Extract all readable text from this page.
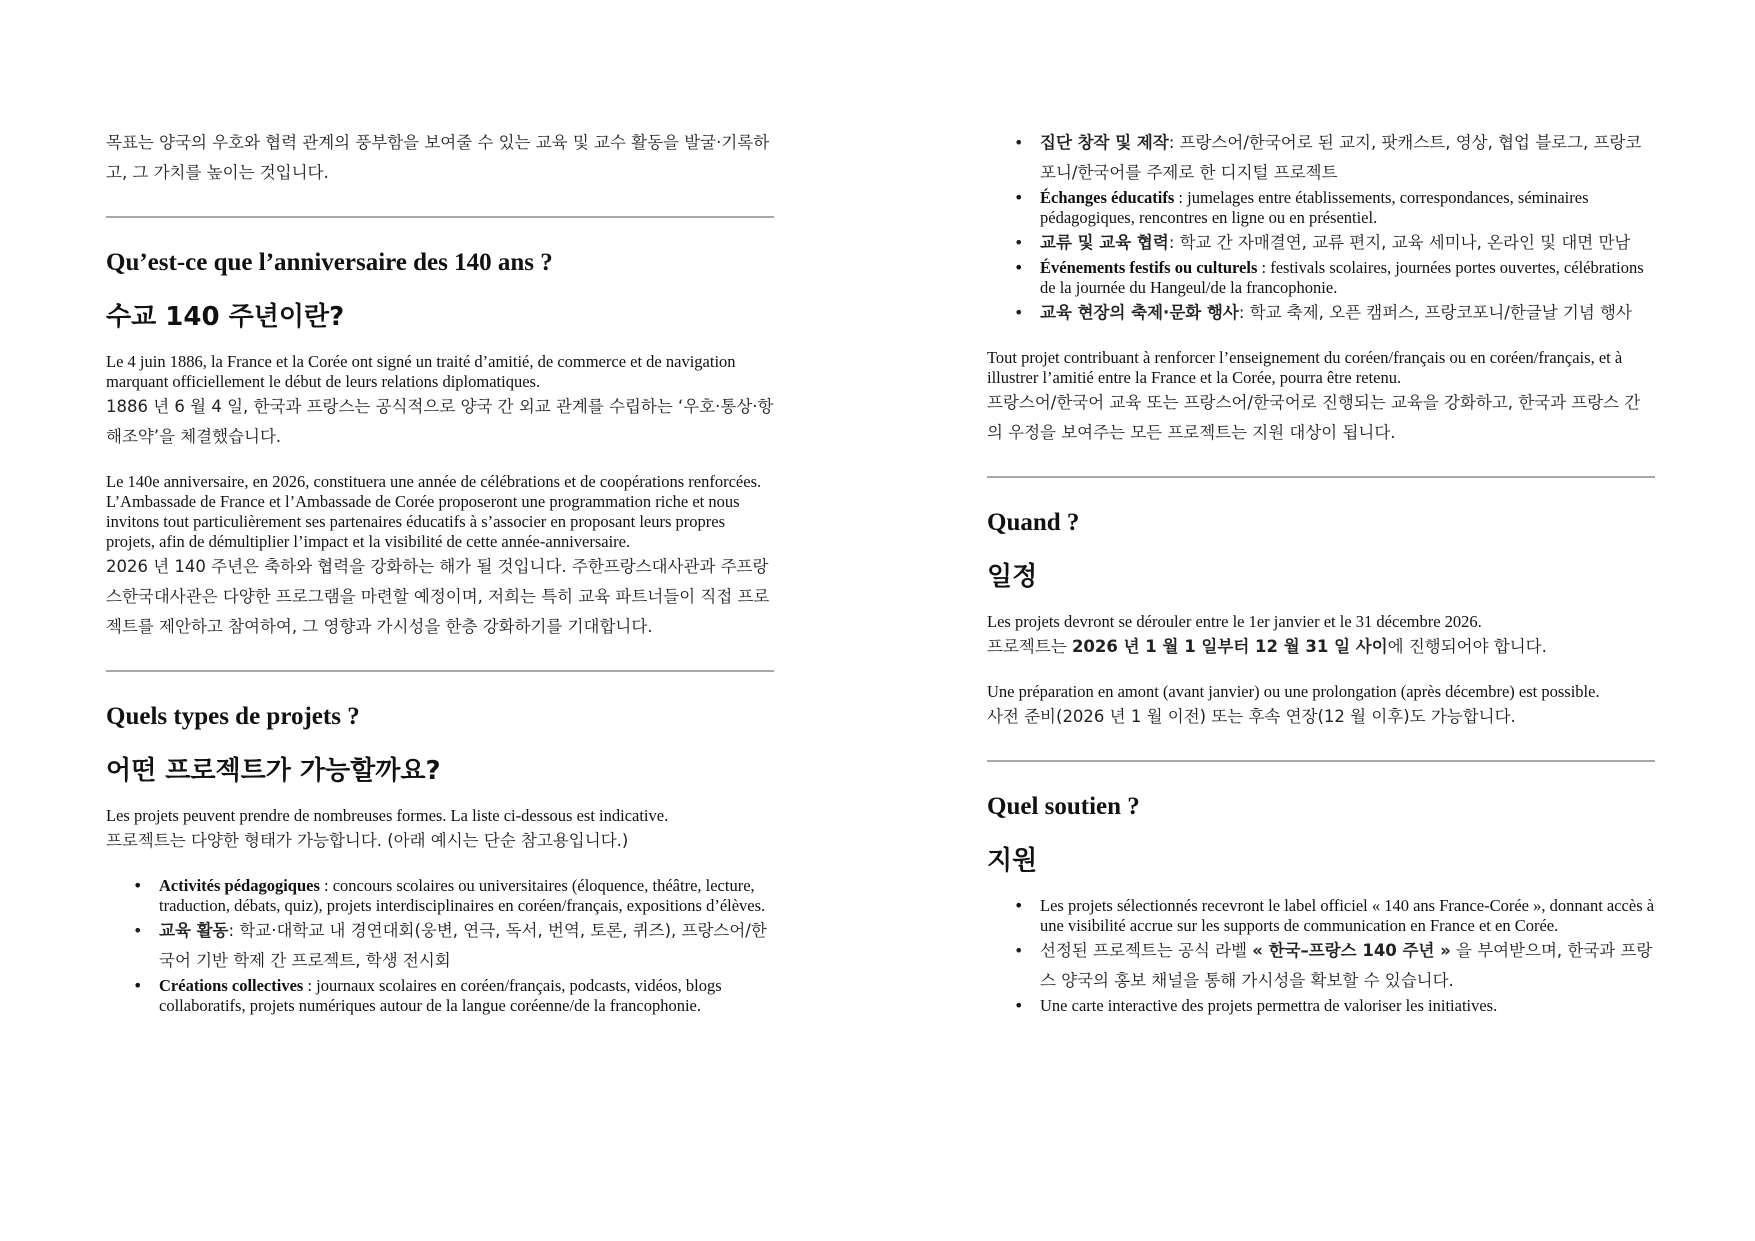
목표는 양국의 우호와 협력 관계의 풍부함을 보여줄 수 있는 교육 및 교수 활동을 발굴·기록하고, 그 가치를 높이는 것입니다.

Qu’est-ce que l’anniversaire des 140 ans ?
수교 140 주년이란?

Le 4 juin 1886, la France et la Corée ont signé un traité d’amitié, de commerce et de navigation marquant officiellement le début de leurs relations diplomatiques.

1886 년 6 월 4 일, 한국과 프랑스는 공식적으로 양국 간 외교 관계를 수립하는 ‘우호·통상·항해조약’을 체결했습니다.

Le 140e anniversaire, en 2026, constituera une année de célébrations et de coopérations renforcées. L’Ambassade de France et l’Ambassade de Corée proposeront une programmation riche et nous invitons tout particulièrement ses partenaires éducatifs à s’associer en proposant leurs propres projets, afin de démultiplier l’impact et la visibilité de cette année-anniversaire.

2026 년 140 주년은 축하와 협력을 강화하는 해가 될 것입니다. 주한프랑스대사관과 주프랑스한국대사관은 다양한 프로그램을 마련할 예정이며, 저희는 특히 교육 파트너들이 직접 프로젝트를 제안하고 참여하여, 그 영향과 가시성을 한층 강화하기를 기대합니다.

Quels types de projets ?
어떤 프로젝트가 가능할까요?

Les projets peuvent prendre de nombreuses formes. La liste ci-dessous est indicative.

프로젝트는 다양한 형태가 가능합니다. (아래 예시는 단순 참고용입니다.)

• Activités pédagogiques : concours scolaires ou universitaires (éloquence, théâtre, lecture, traduction, débats, quiz), projets interdisciplinaires en coréen/français, expositions d’élèves.
• 교육 활동: 학교·대학교 내 경연대회(웅변, 연극, 독서, 번역, 토론, 퀴즈), 프랑스어/한국어 기반 학제 간 프로젝트, 학생 전시회
• Créations collectives : journaux scolaires en coréen/français, podcasts, vidéos, blogs collaboratifs, projets numériques autour de la langue coréenne/de la francophonie.
• 집단 창작 및 제작: 프랑스어/한국어로 된 교지, 팟캐스트, 영상, 협업 블로그, 프랑코포니/한국어를 주제로 한 디지털 프로젝트
• Échanges éducatifs : jumelages entre établissements, correspondances, séminaires pédagogiques, rencontres en ligne ou en présentiel.
• 교류 및 교육 협력: 학교 간 자매결연, 교류 편지, 교육 세미나, 온라인 및 대면 만남
• Événements festifs ou culturels : festivals scolaires, journées portes ouvertes, célébrations de la journée du Hangeul/de la francophonie.
• 교육 현장의 축제·문화 행사: 학교 축제, 오픈 캠퍼스, 프랑코포니/한글날 기념 행사

Tout projet contribuant à renforcer l’enseignement du coréen/français ou en coréen/français, et à illustrer l’amitié entre la France et la Corée, pourra être retenu.

프랑스어/한국어 교육 또는 프랑스어/한국어로 진행되는 교육을 강화하고, 한국과 프랑스 간의 우정을 보여주는 모든 프로젝트는 지원 대상이 됩니다.

Quand ?
일정

Les projets devront se dérouler entre le 1er janvier et le 31 décembre 2026.

프로젝트는 2026 년 1 월 1 일부터 12 월 31 일 사이에 진행되어야 합니다.

Une préparation en amont (avant janvier) ou une prolongation (après décembre) est possible.

사전 준비(2026 년 1 월 이전) 또는 후속 연장(12 월 이후)도 가능합니다.

Quel soutien ?
지원
• Les projets sélectionnés recevront le label officiel « 140 ans France-Corée », donnant accès à une visibilité accrue sur les supports de communication en France et en Corée.
• 선정된 프로젝트는 공식 라벨 « 한국–프랑스 140 주년 » 을 부여받으며, 한국과 프랑스 양국의 홍보 채널을 통해 가시성을 확보할 수 있습니다.
• Une carte interactive des projets permettra de valoriser les initiatives.
